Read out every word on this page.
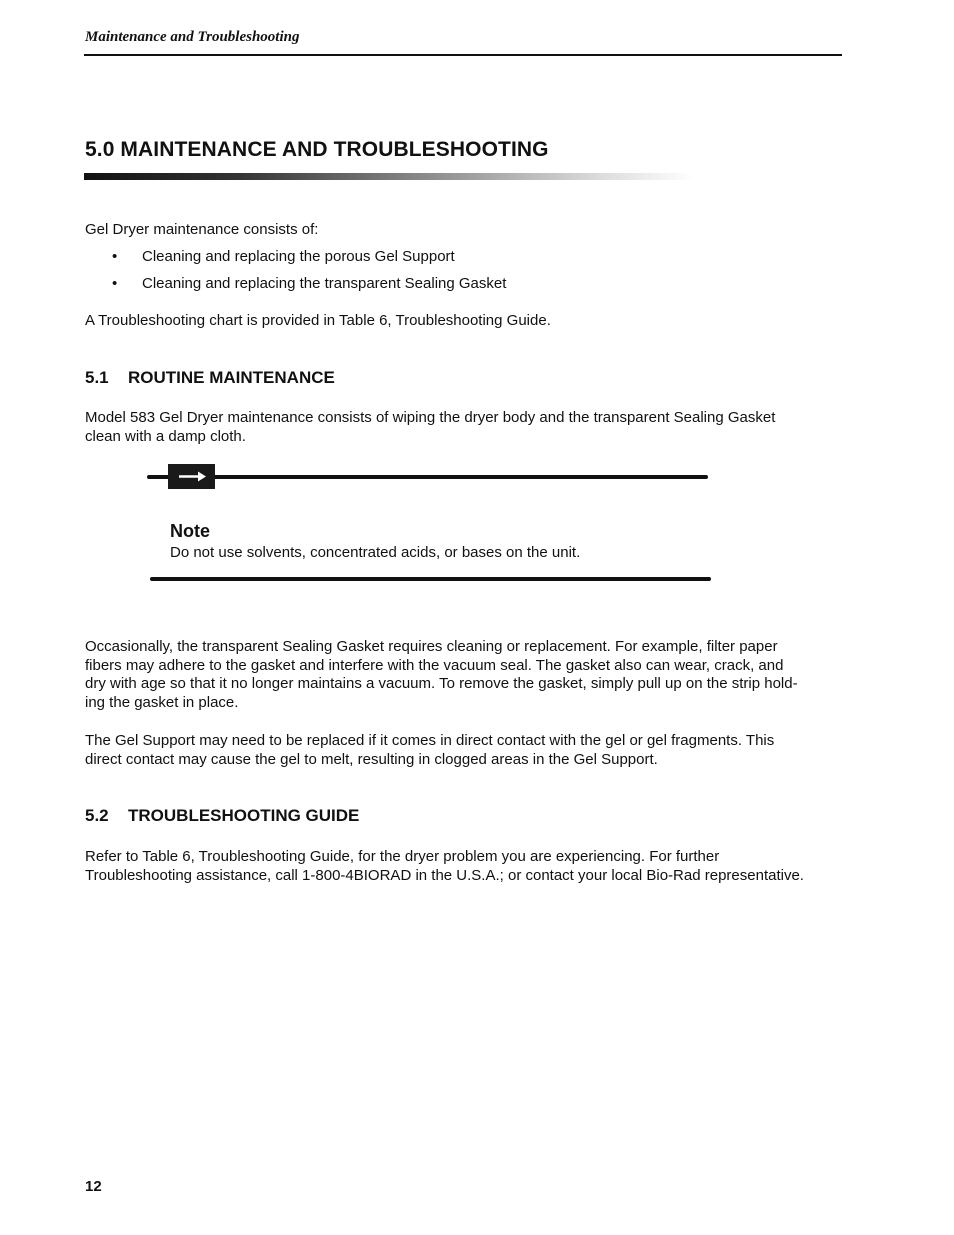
Maintenance and Troubleshooting
5.0 MAINTENANCE AND TROUBLESHOOTING

Gel Dryer maintenance consists of:

• Cleaning and replacing the porous Gel Support
• Cleaning and replacing the transparent Sealing Gasket

A Troubleshooting chart is provided in Table 6, Troubleshooting Guide.

5.1 ROUTINE MAINTENANCE
Model 583 Gel Dryer maintenance consists of wiping the dryer body and the transparent Sealing Gasket
clean with a damp cloth.
Note
Do not use solvents, concentrated acids, or bases on the unit.
Occasionally, the transparent Sealing Gasket requires cleaning or replacement. For example, filter paper
fibers may adhere to the gasket and interfere with the vacuum seal. The gasket also can wear, crack, and
dry with age so that it no longer maintains a vacuum. To remove the gasket, simply pull up on the strip hold-
ing the gasket in place.
The Gel Support may need to be replaced if it comes in direct contact with the gel or gel fragments. This
direct contact may cause the gel to melt, resulting in clogged areas in the Gel Support.
5.2 TROUBLESHOOTING GUIDE
Refer to Table 6, Troubleshooting Guide, for the dryer problem you are experiencing. For further
Troubleshooting assistance, call 1-800-4BIORAD in the U.S.A.; or contact your local Bio-Rad representative.
12
